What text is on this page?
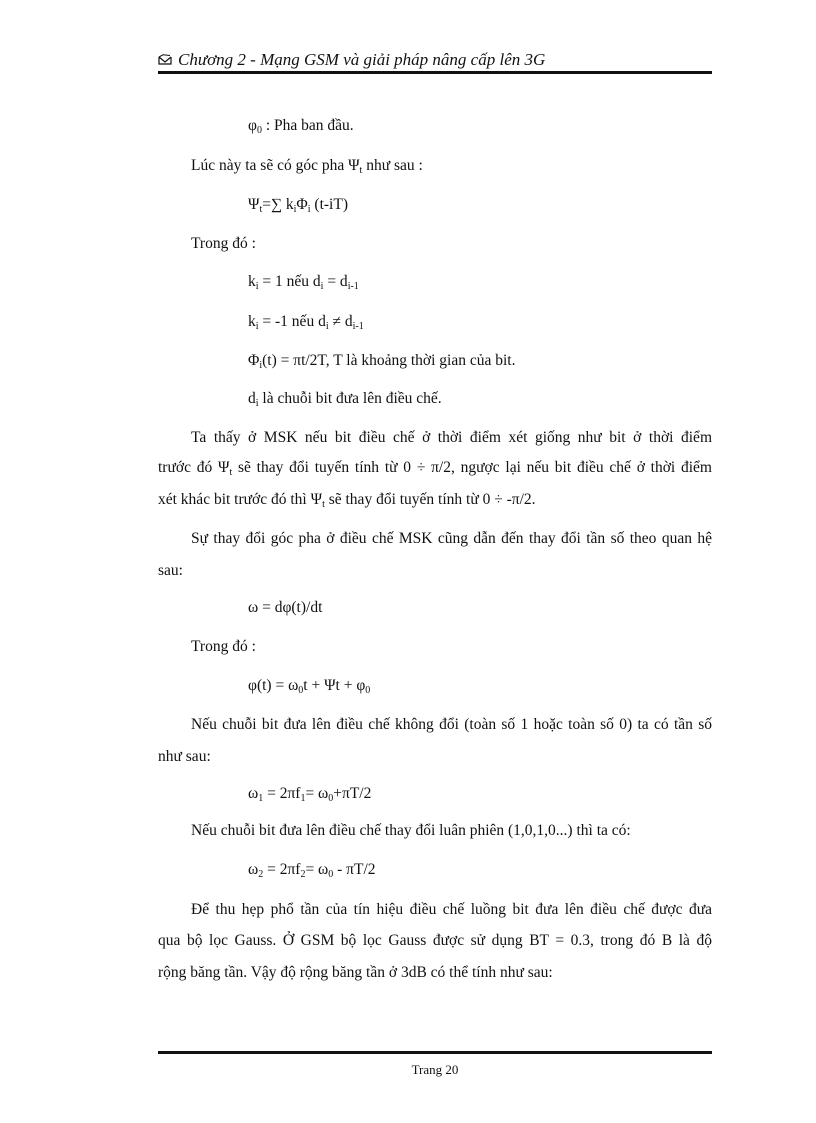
Chương 2 - Mạng GSM và giải pháp nâng cấp lên 3G
$\varphi_0$ : Pha ban đầu.
Lúc này ta sẽ có góc pha $\Psi_t$ như sau :
$\Psi_t=\sum$ $k_i\Phi_i$ (t-iT)
Trong đó :
$k_i = 1$ nếu $d_i = d_{i-1}$
$k_i = -1$ nếu $d_i \ne d_{i-1}$
$\Phi_i(t) = \pi t/2T$, T là khoảng thời gian của bit.
$d_i$ là chuỗi bit đưa lên điều chế.
Ta thấy ở MSK nếu bit điều chế ở thời điểm xét giống như bit ở thời điểm
trước đó $\Psi_t$ sẽ thay đổi tuyến tính từ 0 ÷ π/2, ngược lại nếu bit điều chế ở thời điểm
xét khác bit trước đó thì $\Psi_t$ sẽ thay đổi tuyến tính từ 0 ÷ -π/2.
Sự thay đổi góc pha ở điều chế MSK cũng dẫn đến thay đổi tần số theo quan hệ
sau:
ω = dφ(t)/dt
Trong đó :
$\varphi(t) = \omega_0t + \Psi t + \varphi_0$
Nếu chuỗi bit đưa lên điều chế không đổi (toàn số 1 hoặc toàn số 0) ta có tần số
như sau:
$\omega_1 = 2\pi f_1= \omega_0+\pi T/2$
Nếu chuỗi bit đưa lên điều chế thay đổi luân phiên (1,0,1,0...) thì ta có:
$\omega_2 = 2\pi f_2= \omega_0 - \pi T/2$
Để thu hẹp phổ tần của tín hiệu điều chế luồng bit đưa lên điều chế được đưa
qua bộ lọc Gauss. Ở GSM bộ lọc Gauss được sử dụng BT = 0.3, trong đó B là độ
rộng băng tần. Vậy độ rộng băng tần ở 3dB có thể tính như sau:
Trang 20
